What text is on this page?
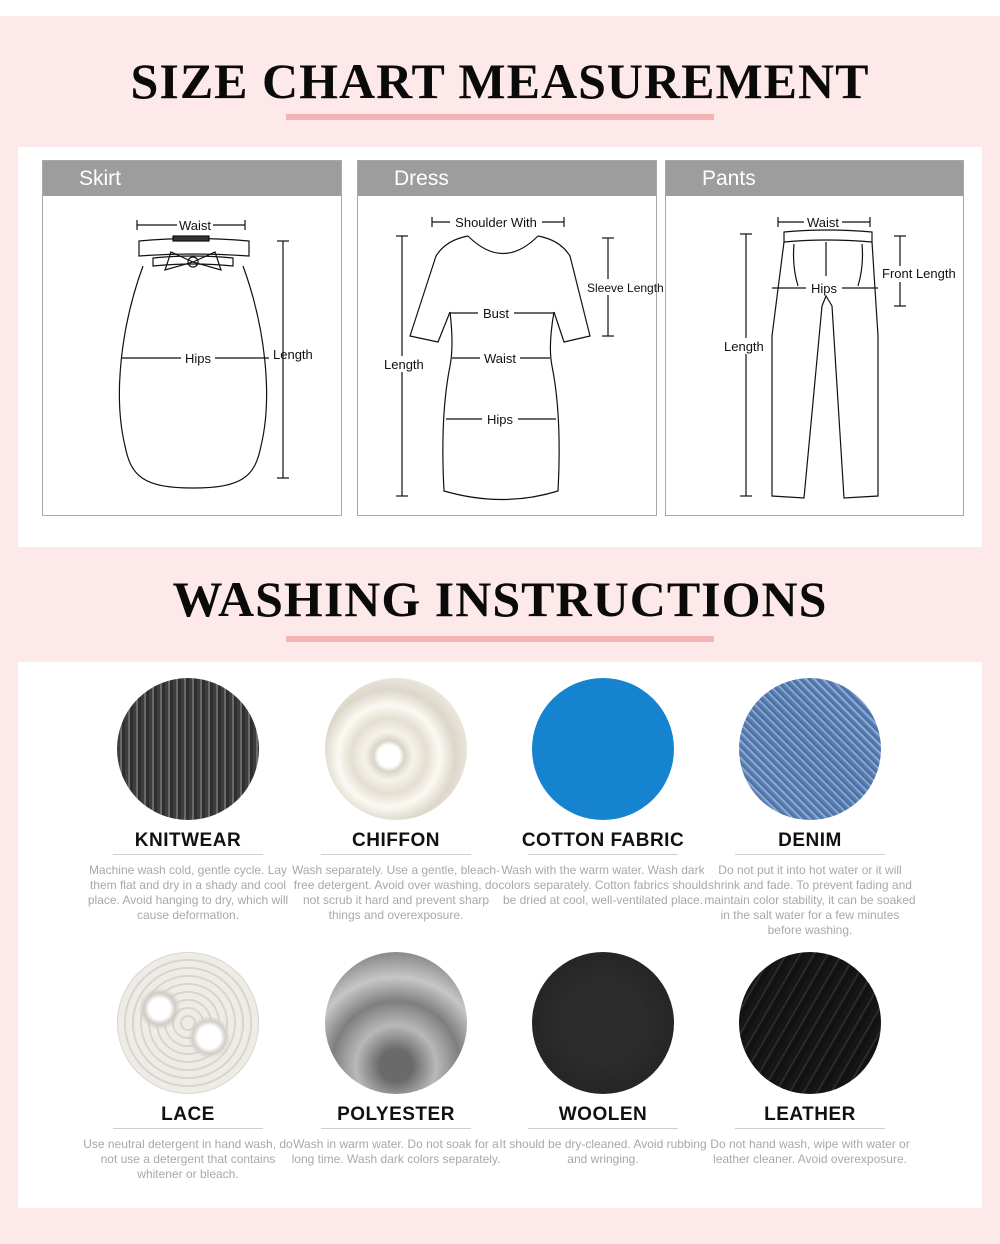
SIZE CHART MEASUREMENT
Skirt
Waist
Hips	Length
Dress
Shoulder With
Sleeve Length
Bust
Waist
Length
Hips
Pants
Waist
Front Length
Hips
Length
WASHING INSTRUCTIONS
KNITWEAR
Machine wash cold, gentle cycle. Lay them flat and dry in a shady and cool place. Avoid hanging to dry, which will cause deformation.
CHIFFON
Wash separately. Use a gentle, bleach-free detergent. Avoid over washing, do not scrub it hard and prevent sharp things and overexposure.
COTTON FABRIC
Wash with the warm water. Wash dark colors separately. Cotton fabrics should be dried at cool, well-ventilated place.
DENIM
Do not put it into hot water or it will shrink and fade. To prevent fading and maintain color stability, it can be soaked in the salt water for a few minutes before washing.
LACE
Use neutral detergent in hand wash, do not use a detergent that contains whitener or bleach.
POLYESTER
Wash in warm water. Do not soak for a long time. Wash dark colors separately.
WOOLEN
It should be dry-cleaned. Avoid rubbing and wringing.
LEATHER
Do not hand wash, wipe with water or leather cleaner. Avoid overexposure.
